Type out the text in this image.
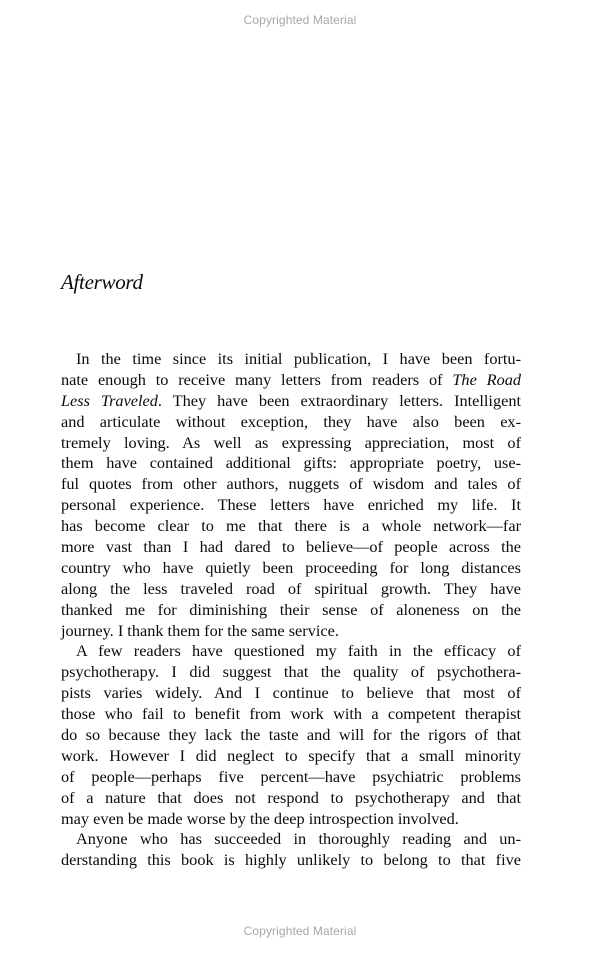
Copyrighted Material
Afterword
In the time since its initial publication, I have been fortu-
nate enough to receive many letters from readers of The Road
Less Traveled. They have been extraordinary letters. Intelligent
and articulate without exception, they have also been ex-
tremely loving. As well as expressing appreciation, most of
them have contained additional gifts: appropriate poetry, use-
ful quotes from other authors, nuggets of wisdom and tales of
personal experience. These letters have enriched my life. It
has become clear to me that there is a whole network—far
more vast than I had dared to believe—of people across the
country who have quietly been proceeding for long distances
along the less traveled road of spiritual growth. They have
thanked me for diminishing their sense of aloneness on the
journey. I thank them for the same service.
A few readers have questioned my faith in the efficacy of
psychotherapy. I did suggest that the quality of psychothera-
pists varies widely. And I continue to believe that most of
those who fail to benefit from work with a competent therapist
do so because they lack the taste and will for the rigors of that
work. However I did neglect to specify that a small minority
of people—perhaps five percent—have psychiatric problems
of a nature that does not respond to psychotherapy and that
may even be made worse by the deep introspection involved.
Anyone who has succeeded in thoroughly reading and un-
derstanding this book is highly unlikely to belong to that five
Copyrighted Material
